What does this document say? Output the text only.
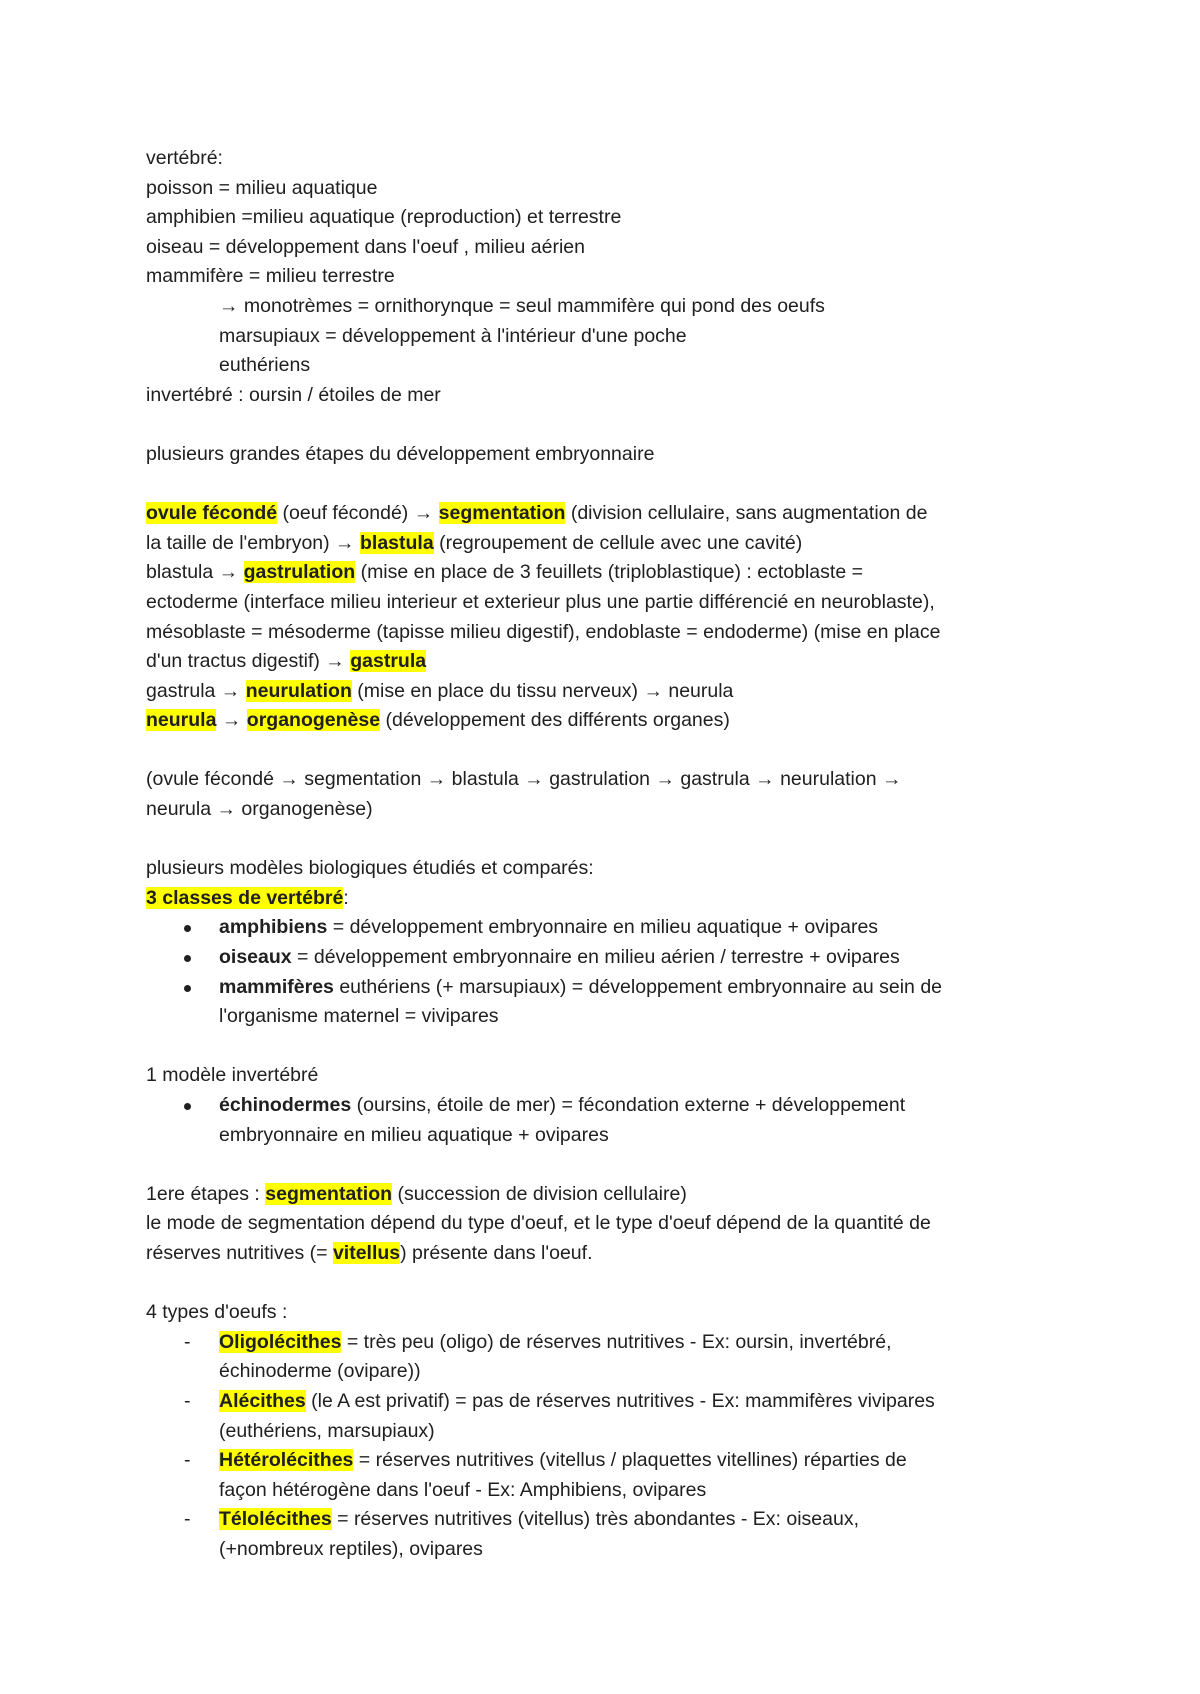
vertébré:
poisson = milieu aquatique
amphibien =milieu aquatique (reproduction) et terrestre
oiseau = développement dans l'oeuf , milieu aérien
mammifère = milieu terrestre
→ monotrèmes = ornithorynque = seul mammifère qui pond des oeufs
marsupiaux = développement à l'intérieur d'une poche
euthériens
invertébré : oursin / étoiles de mer
plusieurs grandes étapes du développement embryonnaire
ovule fécondé (oeuf fécondé) → segmentation (division cellulaire, sans augmentation de
la taille de l'embryon) → blastula (regroupement de cellule avec une cavité)
blastula → gastrulation (mise en place de 3 feuillets (triploblastique) : ectoblaste =
ectoderme (interface milieu interieur et exterieur plus une partie différencié en neuroblaste),
mésoblaste = mésoderme (tapisse milieu digestif), endoblaste = endoderme) (mise en place
d'un tractus digestif) → gastrula
gastrula → neurulation (mise en place du tissu nerveux) → neurula
neurula → organogenèse (développement des différents organes)
(ovule fécondé → segmentation → blastula → gastrulation → gastrula → neurulation →
neurula → organogenèse)
plusieurs modèles biologiques étudiés et comparés:
3 classes de vertébré:
amphibiens = développement embryonnaire en milieu aquatique + ovipares
oiseaux = développement embryonnaire en milieu aérien / terrestre + ovipares
mammifères euthériens (+ marsupiaux) = développement embryonnaire au sein de
l'organisme maternel = vivipares
1 modèle invertébré
échinodermes (oursins, étoile de mer) = fécondation externe + développement
embryonnaire en milieu aquatique + ovipares
1ere étapes : segmentation (succession de division cellulaire)
le mode de segmentation dépend du type d'oeuf, et le type d'oeuf dépend de la quantité de
réserves nutritives (= vitellus) présente dans l'oeuf.
4 types d'oeufs :
- Oligolécithes = très peu (oligo) de réserves nutritives - Ex: oursin, invertébré,
échinoderme (ovipare))
- Alécithes (le A est privatif) = pas de réserves nutritives - Ex: mammifères vivipares
(euthériens, marsupiaux)
- Hétérolécithes = réserves nutritives (vitellus / plaquettes vitellines) réparties de
façon hétérogène dans l'oeuf - Ex: Amphibiens, ovipares
- Télolécithes = réserves nutritives (vitellus) très abondantes - Ex: oiseaux,
(+nombreux reptiles), ovipares
